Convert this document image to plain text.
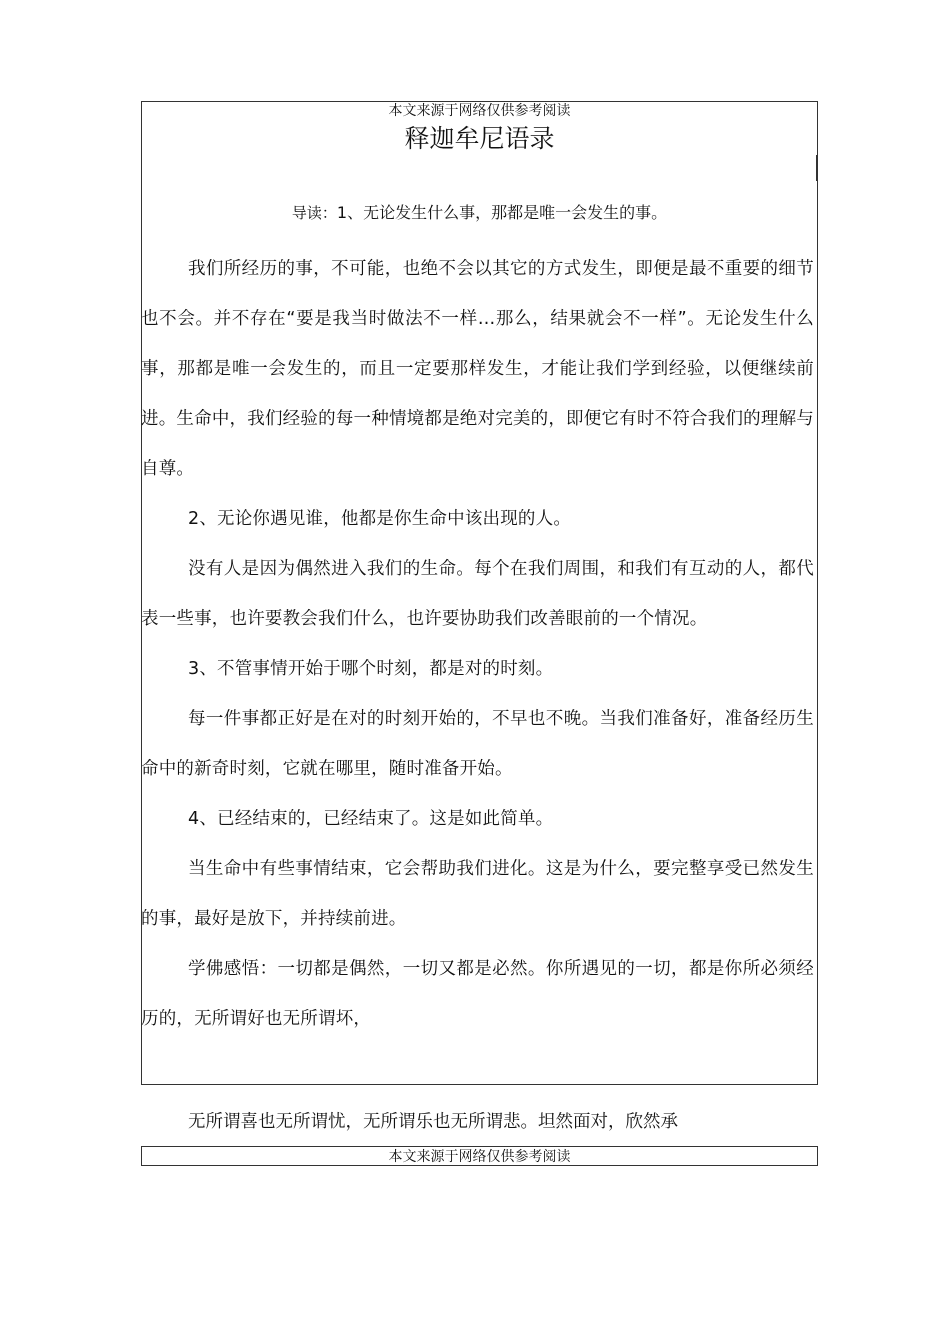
本文来源于网络仅供参考阅读
释迦牟尼语录
导读：1、无论发生什么事，那都是唯一会发生的事。

我们所经历的事，不可能，也绝不会以其它的方式发生，即便是最不重要的细节也不会。并不存在“要是我当时做法不一样…那么，结果就会不一样”。无论发生什么事，那都是唯一会发生的，而且一定要那样发生，才能让我们学到经验，以便继续前进。生命中，我们经验的每一种情境都是绝对完美的，即便它有时不符合我们的理解与自尊。

2、无论你遇见谁，他都是你生命中该出现的人。

没有人是因为偶然进入我们的生命。每个在我们周围，和我们有互动的人，都代表一些事，也许要教会我们什么，也许要协助我们改善眼前的一个情况。

3、不管事情开始于哪个时刻，都是对的时刻。

每一件事都正好是在对的时刻开始的，不早也不晚。当我们准备好，准备经历生命中的新奇时刻，它就在哪里，随时准备开始。

4、已经结束的，已经结束了。这是如此简单。

当生命中有些事情结束，它会帮助我们进化。这是为什么，要完整享受已然发生的事，最好是放下，并持续前进。

学佛感悟：一切都是偶然，一切又都是必然。你所遇见的一切，都是你所必须经历的，无所谓好也无所谓坏，

无所谓喜也无所谓忧，无所谓乐也无所谓悲。坦然面对，欣然承
本文来源于网络仅供参考阅读
